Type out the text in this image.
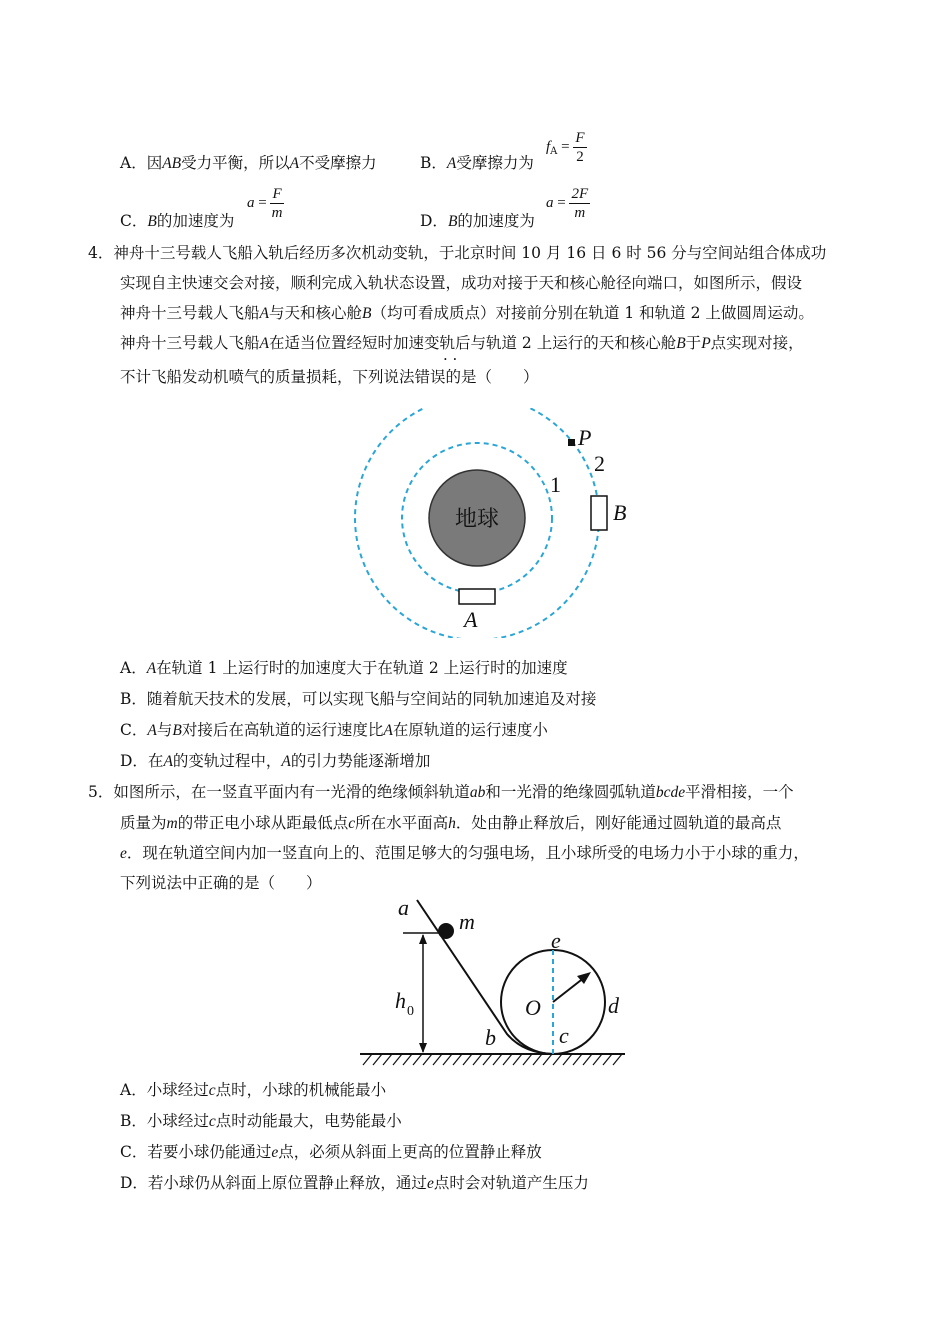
A．因AB受力平衡，所以A不受摩擦力	B．A受摩擦力为
$f_A = \frac{F}{2}$
C．B的加速度为
$a = \frac{F}{m}$	D．B的加速度为
$a = \frac{2F}{m}$
4．神舟十三号载人飞船入轨后经历多次机动变轨，于北京时间 10 月 16 日 6 时 56 分与空间站组合体成功
实现自主快速交会对接，顺利完成入轨状态设置，成功对接于天和核心舱径向端口，如图所示，假设
神舟十三号载人飞船A与天和核心舱B（均可看成质点）对接前分别在轨道 1 和轨道 2 上做圆周运动。
神舟十三号载人飞船A在适当位置经短时加速变轨后与轨道 2 上运行的天和核心舱B于P点实现对接，
· ·
不计飞船发动机喷气的质量损耗，下列说法错误的是（　　）
地球
P
2
1
B
A
A．A在轨道 1 上运行时的加速度大于在轨道 2 上运行时的加速度
B．随着航天技术的发展，可以实现飞船与空间站的同轨加速追及对接
C．A与B对接后在高轨道的运行速度比A在原轨道的运行速度小
D．在A的变轨过程中，A的引力势能逐渐增加
5．如图所示，在一竖直平面内有一光滑的绝缘倾斜轨道ab和一光滑的绝缘圆弧轨道bcde平滑相接，一个
质量为m的带正电小球从距最低点c所在水平面高h．处由静止释放后，刚好能通过圆轨道的最高点
e．现在轨道空间内加一竖直向上的、范围足够大的匀强电场，且小球所受的电场力小于小球的重力，
下列说法中正确的是（　　）
a
m
e
h 0	O	d
b	c
A．小球经过c点时，小球的机械能最小
B．小球经过c点时动能最大，电势能最小
C．若要小球仍能通过e点，必须从斜面上更高的位置静止释放
D．若小球仍从斜面上原位置静止释放，通过e点时会对轨道产生压力
